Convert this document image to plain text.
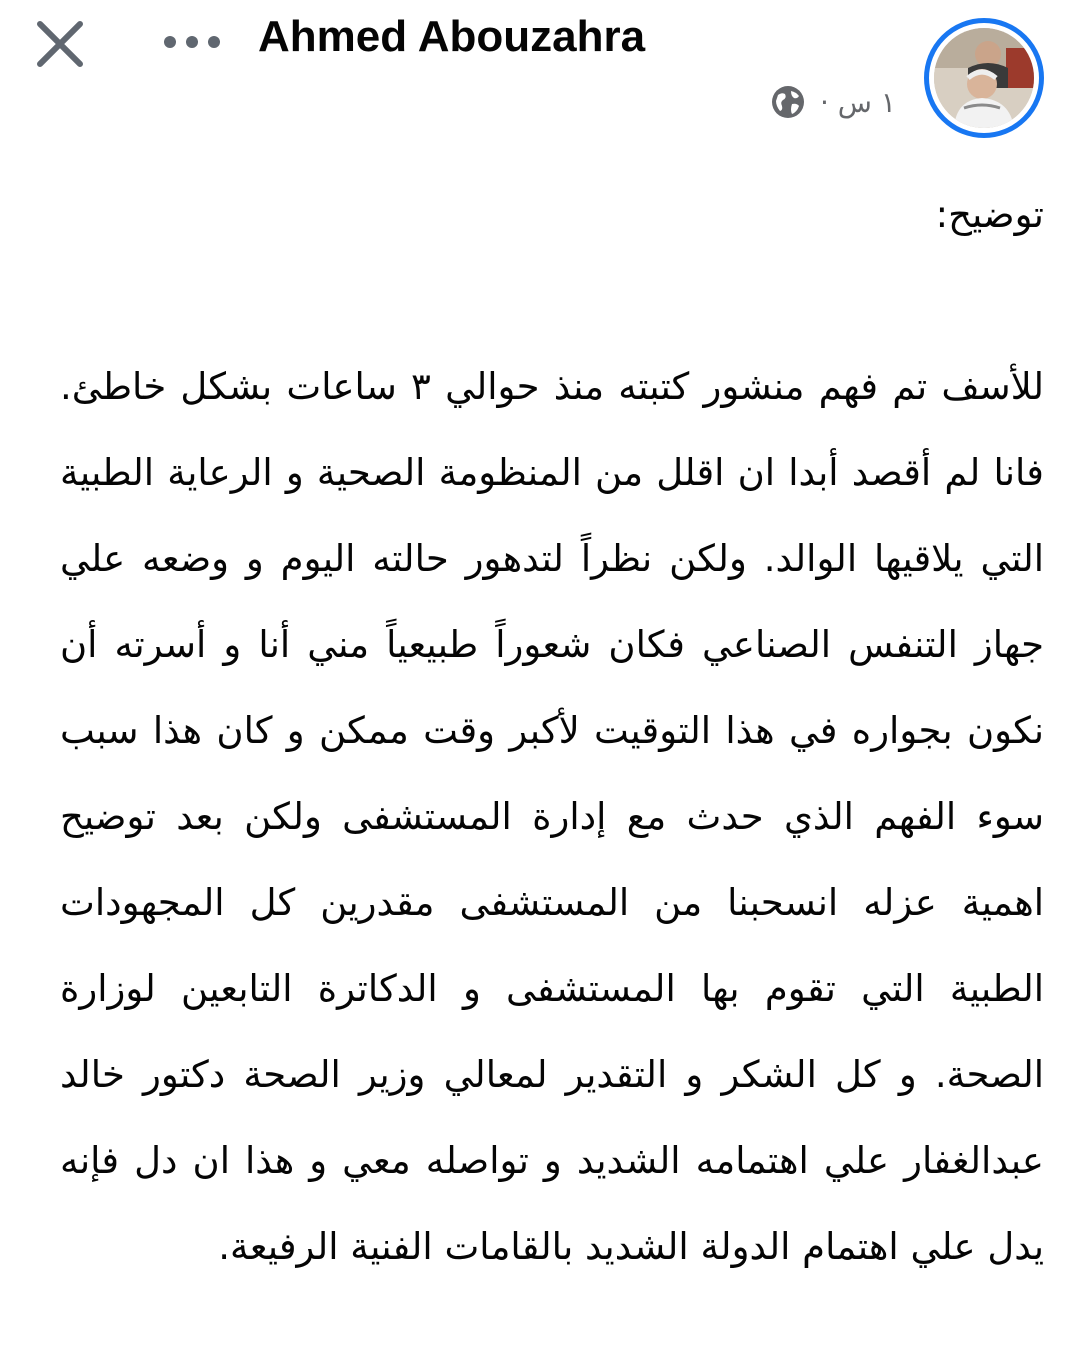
Ahmed Abouzahra
١ س ·

توضيح:

للأسف تم فهم منشور كتبته منذ حوالي ٣ ساعات بشكل خاطئ. فانا لم أقصد أبدا ان اقلل من المنظومة الصحية و الرعاية الطبية التي يلاقيها الوالد. ولكن نظراً لتدهور حالته اليوم و وضعه علي جهاز التنفس الصناعي فكان شعوراً طبيعياً مني أنا و أسرته أن نكون بجواره في هذا التوقيت لأكبر وقت ممكن و كان هذا سبب سوء الفهم الذي حدث مع إدارة المستشفى ولكن بعد توضيح اهمية عزله انسحبنا من المستشفى مقدرين كل المجهودات الطبية التي تقوم بها المستشفى و الدكاترة التابعين لوزارة الصحة. و كل الشكر و التقدير لمعالي وزير الصحة دكتور خالد عبدالغفار علي اهتمامه الشديد و تواصله معي و هذا ان دل فإنه يدل علي اهتمام الدولة الشديد بالقامات الفنية الرفيعة.
